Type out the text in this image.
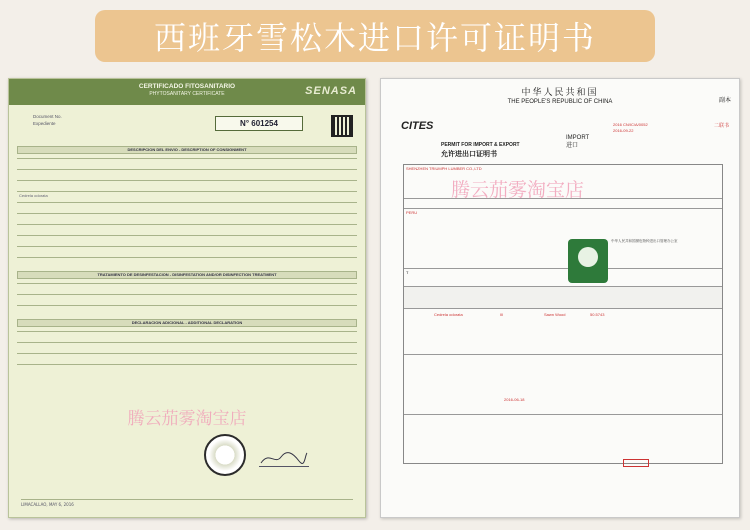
西班牙雪松木进口许可证明书
CERTIFICADO FITOSANITARIO
PHYTOSANITARY CERTIFICATE	SENASA
Document No.
Expediente	N° 601254
DESCRIPCION DEL ENVIO - DESCRIPTION OF CONSIGNMENT
Cedrela odorata
TRATAMIENTO DE DESINFESTACION - DISINFESTATION AND/OR DISINFECTION TREATMENT
DECLARACION ADICIONAL - ADDITIONAL DECLARATION
腾云茄雾淘宝店
LIMACALLAO, MAY 6, 2016
中华人民共和国
THE PEOPLE'S REPUBLIC OF CHINA	副本
CITES
PERMIT FOR IMPORT & EXPORT
允许进出口证明书
IMPORT
进口
2016 CN/IC/A/0052
2016-09-22
二联书
SHENZHEN TRIUMPH LUMBER CO.,LTD
PERU
T
Cedrela odorata	III	Sawn Wood	50.5743
2016-06-18
腾云茄雾淘宝店
中华人民共和国濒危物种进出口管理办公室
